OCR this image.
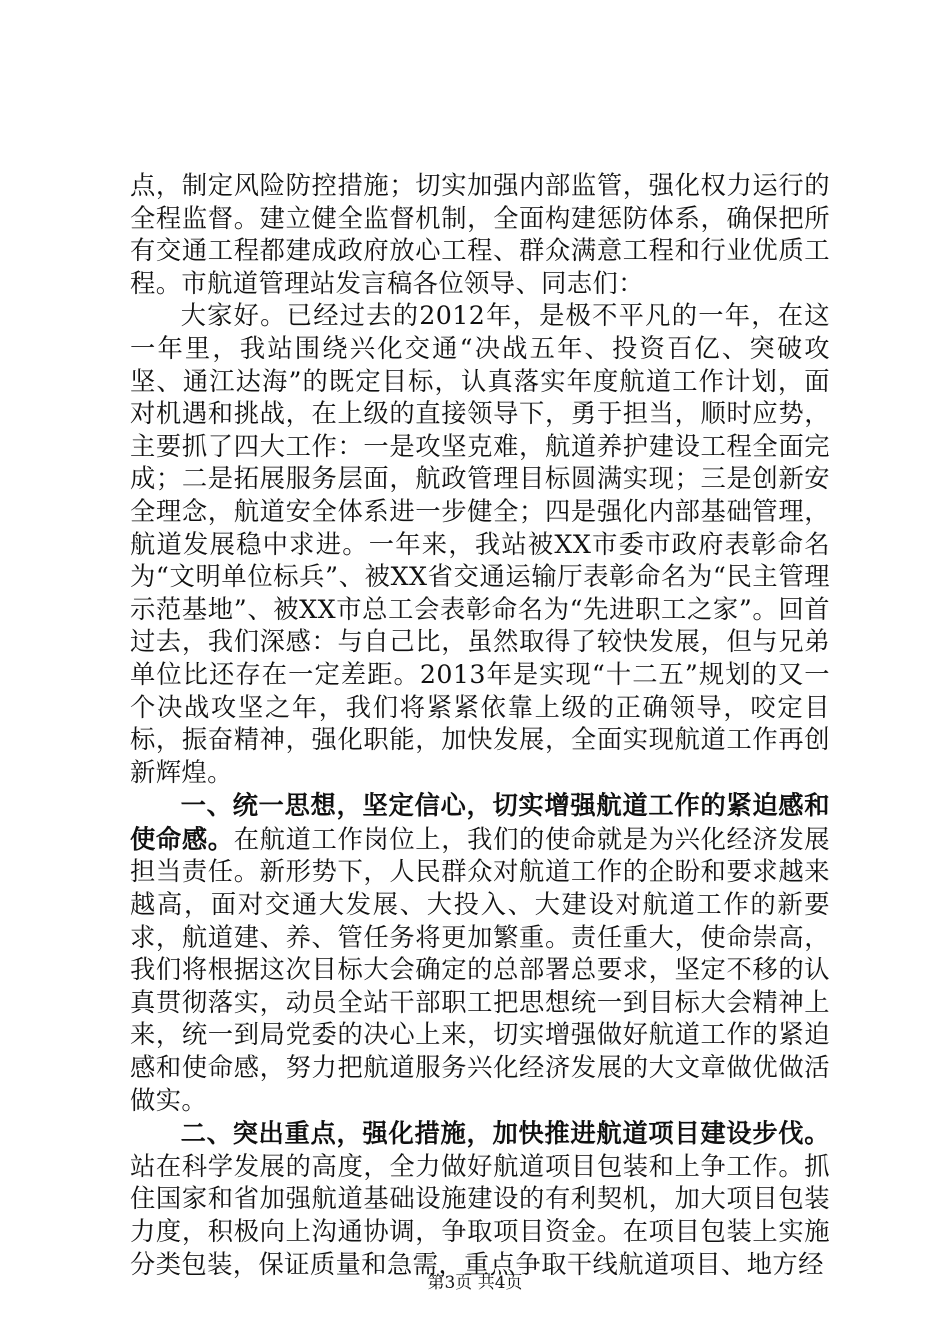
点，制定风险防控措施；切实加强内部监管，强化权力运行的全程监督。建立健全监督机制，全面构建惩防体系，确保把所有交通工程都建成政府放心工程、群众满意工程和行业优质工程。市航道管理站发言稿各位领导、同志们：

大家好。已经过去的2012年，是极不平凡的一年，在这一年里，我站围绕兴化交通“决战五年、投资百亿、突破攻坚、通江达海”的既定目标，认真落实年度航道工作计划，面对机遇和挑战，在上级的直接领导下，勇于担当，顺时应势，主要抓了四大工作：一是攻坚克难，航道养护建设工程全面完成；二是拓展服务层面，航政管理目标圆满实现；三是创新安全理念，航道安全体系进一步健全；四是强化内部基础管理，航道发展稳中求进。一年来，我站被XX市委市政府表彰命名为“文明单位标兵”、被XX省交通运输厅表彰命名为“民主管理示范基地”、被XX市总工会表彰命名为“先进职工之家”。回首过去，我们深感：与自己比，虽然取得了较快发展，但与兄弟单位比还存在一定差距。2013年是实现“十二五”规划的又一个决战攻坚之年，我们将紧紧依靠上级的正确领导，咬定目标，振奋精神，强化职能，加快发展，全面实现航道工作再创新辉煌。

一、统一思想，坚定信心，切实增强航道工作的紧迫感和使命感。在航道工作岗位上，我们的使命就是为兴化经济发展担当责任。新形势下，人民群众对航道工作的企盼和要求越来越高，面对交通大发展、大投入、大建设对航道工作的新要求，航道建、养、管任务将更加繁重。责任重大，使命崇高，我们将根据这次目标大会确定的总部署总要求，坚定不移的认真贯彻落实，动员全站干部职工把思想统一到目标大会精神上来，统一到局党委的决心上来，切实增强做好航道工作的紧迫感和使命感，努力把航道服务兴化经济发展的大文章做优做活做实。

二、突出重点，强化措施，加快推进航道项目建设步伐。站在科学发展的高度，全力做好航道项目包装和上争工作。抓住国家和省加强航道基础设施建设的有利契机，加大项目包装力度，积极向上沟通协调，争取项目资金。在项目包装上实施分类包装，保证质量和急需，重点争取干线航道项目、地方经

第3页 共4页
